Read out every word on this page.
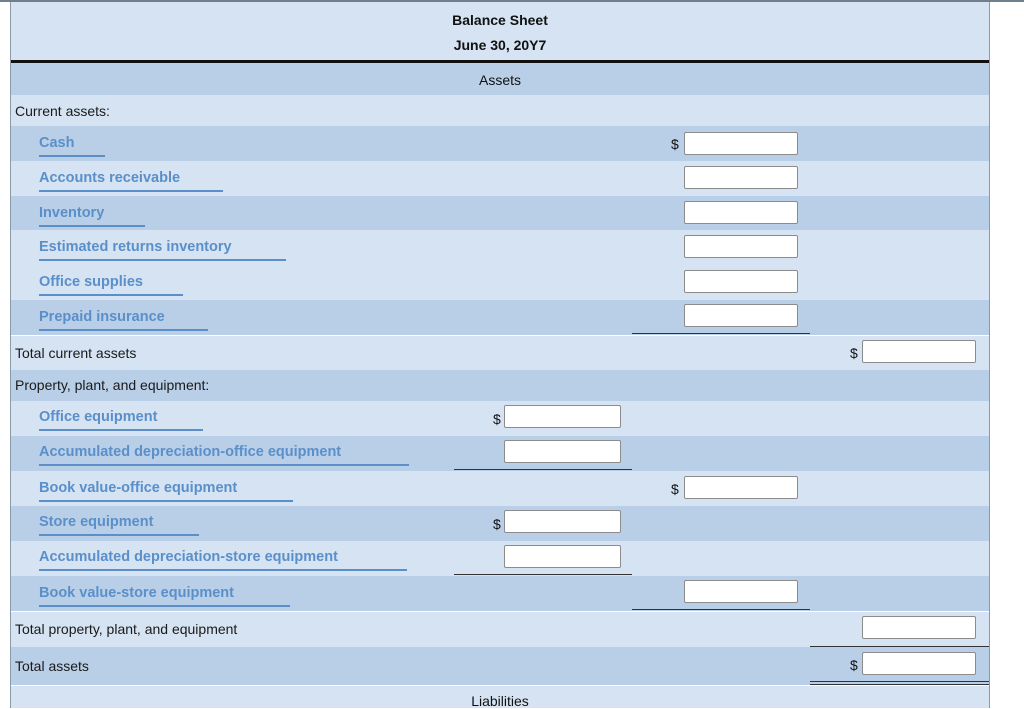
Balance Sheet
June 30, 20Y7
Assets
Current assets:
Cash	$
Accounts receivable
Inventory
Estimated returns inventory
Office supplies
Prepaid insurance
Total current assets	$
Property, plant, and equipment:
Office equipment	$
Accumulated depreciation-office equipment
Book value-office equipment	$
Store equipment	$
Accumulated depreciation-store equipment
Book value-store equipment
Total property, plant, and equipment
Total assets	$
Liabilities
